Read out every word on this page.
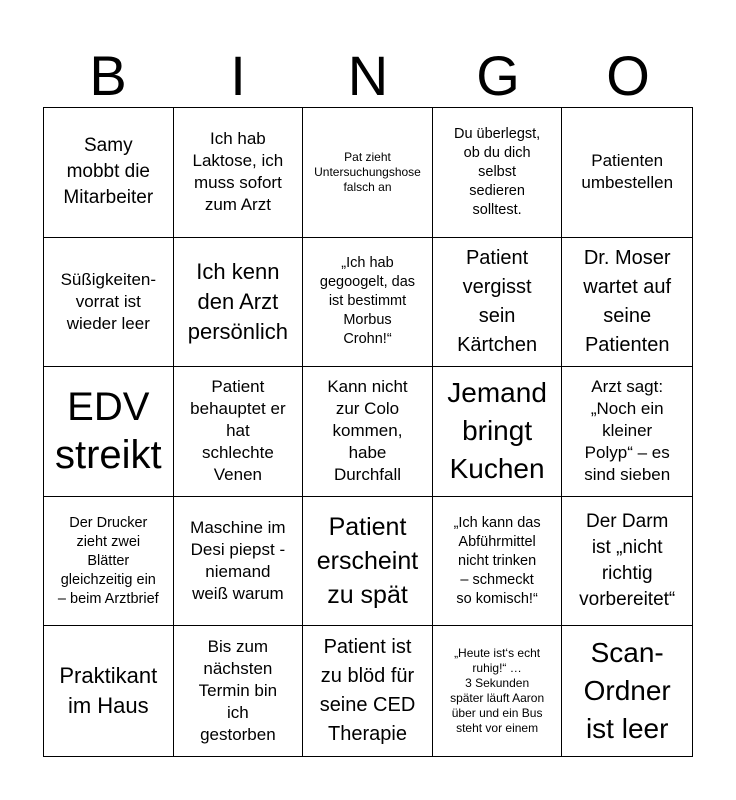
B	I	N	G	O
Samy
mobbt die
Mitarbeiter
Ich hab
Laktose, ich
muss sofort
zum Arzt
Pat zieht
Untersuchungshose
falsch an
Du überlegst,
ob du dich
selbst
sedieren
solltest.
Patienten
umbestellen
Süßigkeiten-
vorrat ist
wieder leer
Ich kenn
den Arzt
persönlich
„Ich hab
gegoogelt, das
ist bestimmt
Morbus
Crohn!“
Patient
vergisst
sein
Kärtchen
Dr. Moser
wartet auf
seine
Patienten
EDV
streikt
Patient
behauptet er
hat
schlechte
Venen
Kann nicht
zur Colo
kommen,
habe
Durchfall
Jemand
bringt
Kuchen
Arzt sagt:
„Noch ein
kleiner
Polyp“ – es
sind sieben
Der Drucker
zieht zwei
Blätter
gleichzeitig ein
– beim Arztbrief
Maschine im
Desi piepst -
niemand
weiß warum
Patient
erscheint
zu spät
„Ich kann das
Abführmittel
nicht trinken
– schmeckt
so komisch!“
Der Darm
ist „nicht
richtig
vorbereitet“
Praktikant
im Haus
Bis zum
nächsten
Termin bin
ich
gestorben
Patient ist
zu blöd für
seine CED
Therapie
„Heute ist‘s echt
ruhig!“ …
3 Sekunden
später läuft Aaron
über und ein Bus
steht vor einem
Scan-
Ordner
ist leer
